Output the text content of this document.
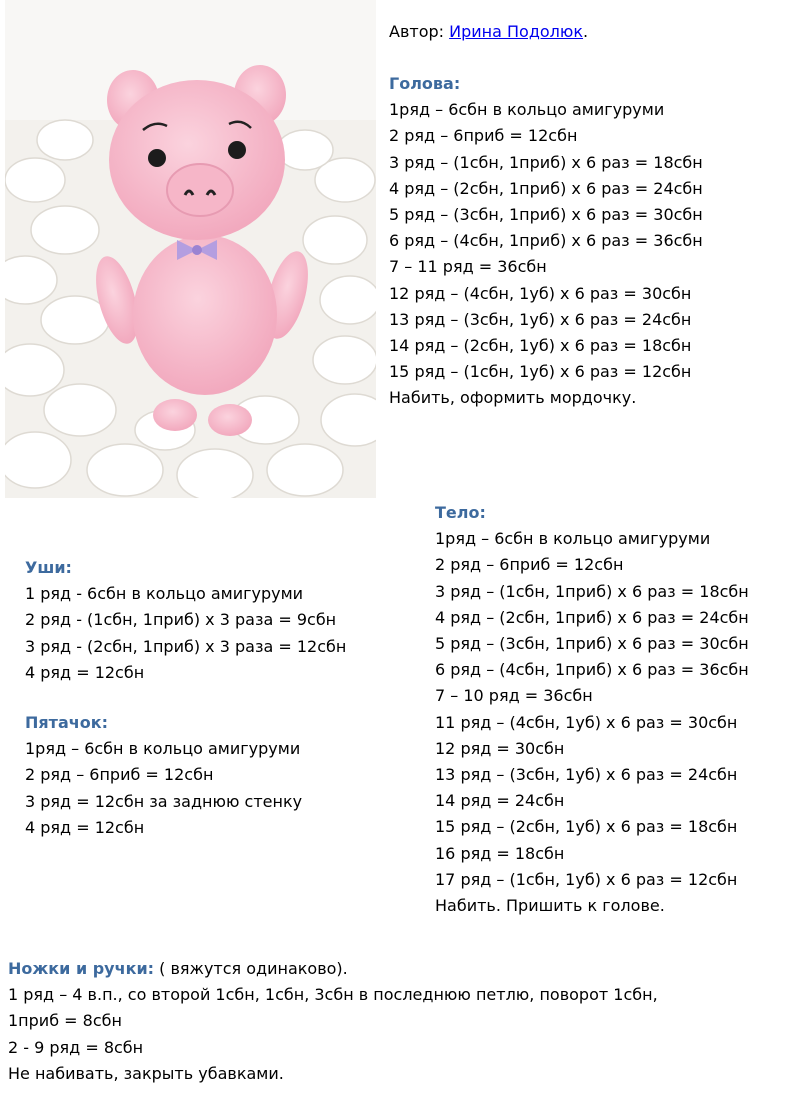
Автор: Ирина Подолюк.
Голова:
1ряд – 6сбн в кольцо амигуруми
2 ряд – 6приб = 12сбн
3 ряд – (1сбн, 1приб) х 6 раз = 18сбн
4 ряд – (2сбн, 1приб) х 6 раз = 24сбн
5 ряд – (3сбн, 1приб) х 6 раз = 30сбн
6 ряд – (4сбн, 1приб) х 6 раз = 36сбн
7 – 11 ряд = 36сбн
12 ряд – (4сбн, 1уб) х 6 раз = 30сбн
13 ряд – (3сбн, 1уб) х 6 раз = 24сбн
14 ряд – (2сбн, 1уб) х 6 раз = 18сбн
15 ряд – (1сбн, 1уб) х 6 раз = 12сбн
Набить, оформить мордочку.
Тело:
1ряд – 6сбн в кольцо амигуруми
2 ряд – 6приб = 12сбн
3 ряд – (1сбн, 1приб) х 6 раз = 18сбн
4 ряд – (2сбн, 1приб) х 6 раз = 24сбн
5 ряд – (3сбн, 1приб) х 6 раз = 30сбн
6 ряд – (4сбн, 1приб) х 6 раз = 36сбн
7 – 10 ряд = 36сбн
11 ряд – (4сбн, 1уб) х 6 раз = 30сбн
12 ряд = 30сбн
13 ряд – (3сбн, 1уб) х 6 раз = 24сбн
14 ряд = 24сбн
15 ряд – (2сбн, 1уб) х 6 раз = 18сбн
16 ряд = 18сбн
17 ряд – (1сбн, 1уб) х 6 раз = 12сбн
Набить. Пришить к голове.
Уши:
1 ряд - 6сбн в кольцо амигуруми
2 ряд - (1сбн, 1приб) х 3 раза = 9сбн
3 ряд - (2сбн, 1приб) х 3 раза = 12сбн
4 ряд = 12сбн
Пятачок:
1ряд – 6сбн в кольцо амигуруми
2 ряд – 6приб = 12сбн
3 ряд = 12сбн за заднюю стенку
4 ряд = 12сбн
Ножки и ручки: ( вяжутся одинаково).
1 ряд – 4 в.п., со второй 1сбн, 1сбн, 3сбн в последнюю петлю, поворот 1сбн,
1приб = 8сбн
2 - 9 ряд = 8сбн
Не набивать, закрыть убавками.
